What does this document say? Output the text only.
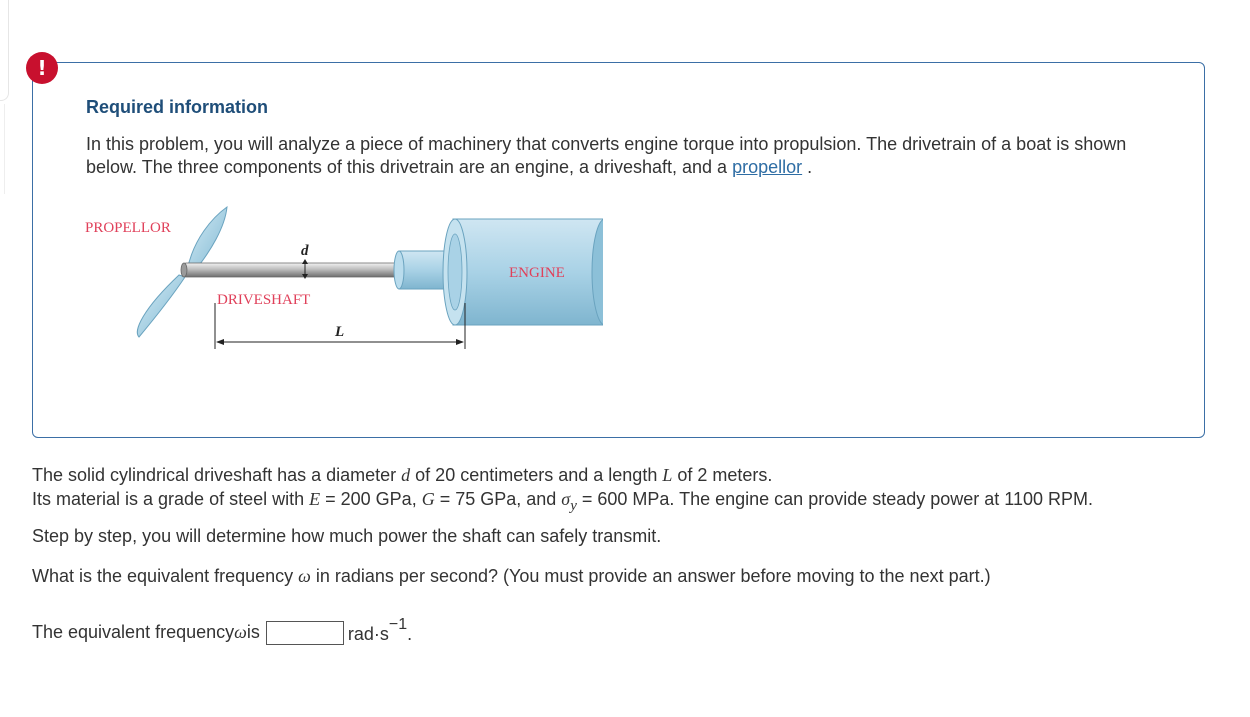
!
Required information

In this problem, you will analyze a piece of machinery that converts engine torque into propulsion. The drivetrain of a boat is shown below. The three components of this drivetrain are an engine, a driveshaft, and a propellor .

d
L
ENGINE
PROPELLOR
DRIVESHAFT

The solid cylindrical driveshaft has a diameter d of 20 centimeters and a length L of 2 meters.

Its material is a grade of steel with E = 200 GPa, G = 75 GPa, and $\sigma_y = 600$ MPa. The engine can provide steady power at 1100 RPM.

Step by step, you will determine how much power the shaft can safely transmit.

What is the equivalent frequency ω in radians per second? (You must provide an answer before moving to the next part.)

The equivalent frequency ω is	$rad\cdot s^{-1}$.
